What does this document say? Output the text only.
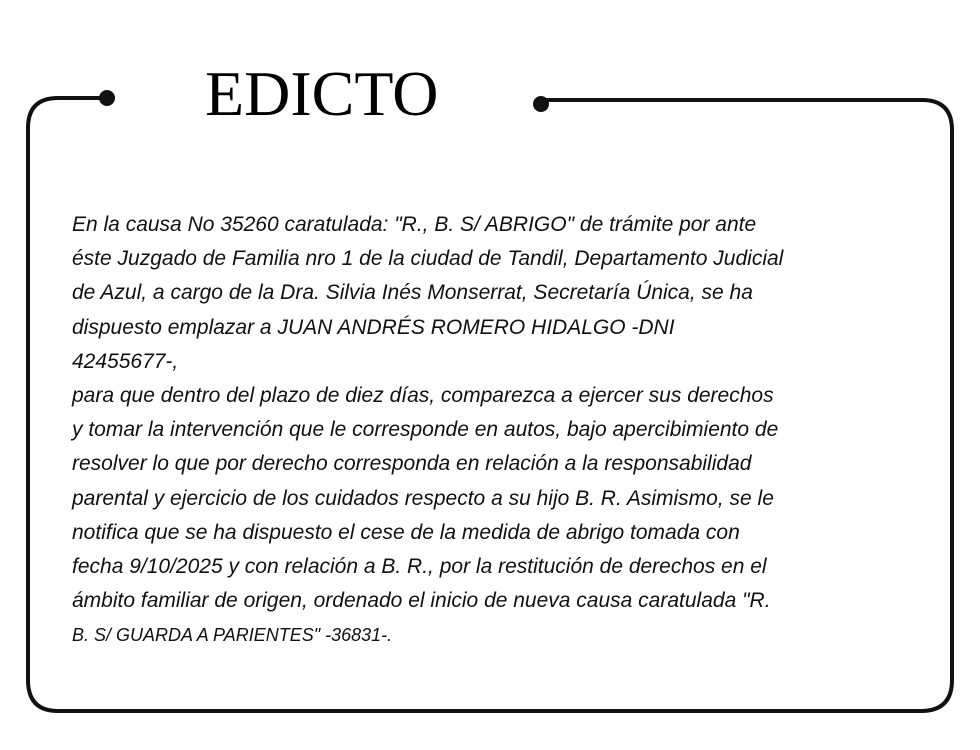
EDICTO
En la causa No 35260 caratulada: "R., B. S/ ABRIGO" de trámite por ante
éste Juzgado de Familia nro 1 de la ciudad de Tandil, Departamento Judicial
de Azul, a cargo de la Dra. Silvia Inés Monserrat, Secretaría Única, se ha
dispuesto emplazar a JUAN ANDRÉS ROMERO HIDALGO -DNI
42455677-,
para que dentro del plazo de diez días, comparezca a ejercer sus derechos
y tomar la intervención que le corresponde en autos, bajo apercibimiento de
resolver lo que por derecho corresponda en relación a la responsabilidad
parental y ejercicio de los cuidados respecto a su hijo B. R. Asimismo, se le
notifica que se ha dispuesto el cese de la medida de abrigo tomada con
fecha 9/10/2025 y con relación a B. R., por la restitución de derechos en el
ámbito familiar de origen, ordenado el inicio de nueva causa caratulada "R.
B. S/ GUARDA A PARIENTES" -36831-.
